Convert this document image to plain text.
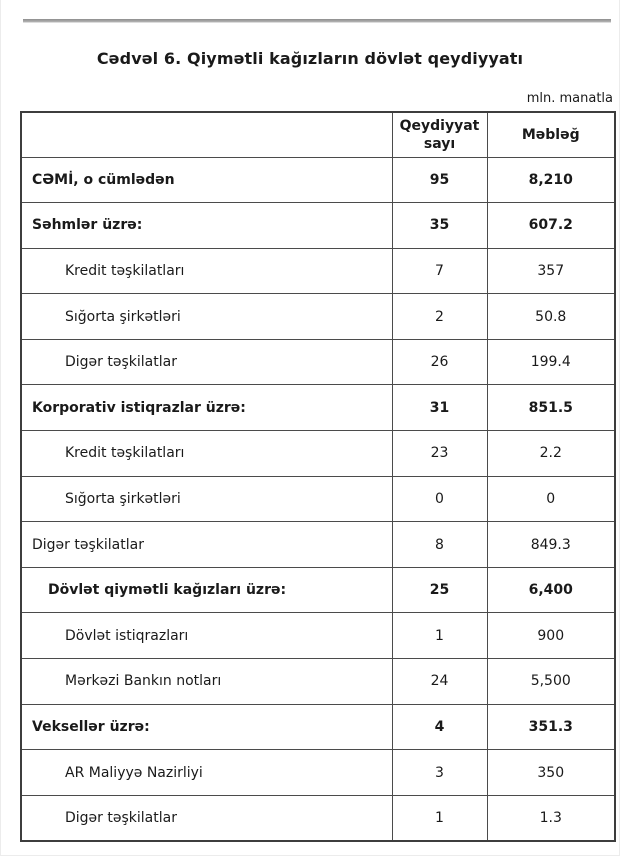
Cədvəl 6. Qiymətli kağızların dövlət qeydiyyatı
mln. manatla
	Qeydiyyat sayı	Məbləğ
CƏMİ, o cümlədən	95	8,210
Səhmlər üzrə:	35	607.2
Kredit təşkilatları	7	357
Sığorta şirkətləri	2	50.8
Digər təşkilatlar	26	199.4
Korporativ istiqrazlar üzrə:	31	851.5
Kredit təşkilatları	23	2.2
Sığorta şirkətləri	0	0
Digər təşkilatlar	8	849.3
Dövlət qiymətli kağızları üzrə:	25	6,400
Dövlət istiqrazları	1	900
Mərkəzi Bankın notları	24	5,500
Veksellər üzrə:	4	351.3
AR Maliyyə Nazirliyi	3	350
Digər təşkilatlar	1	1.3
